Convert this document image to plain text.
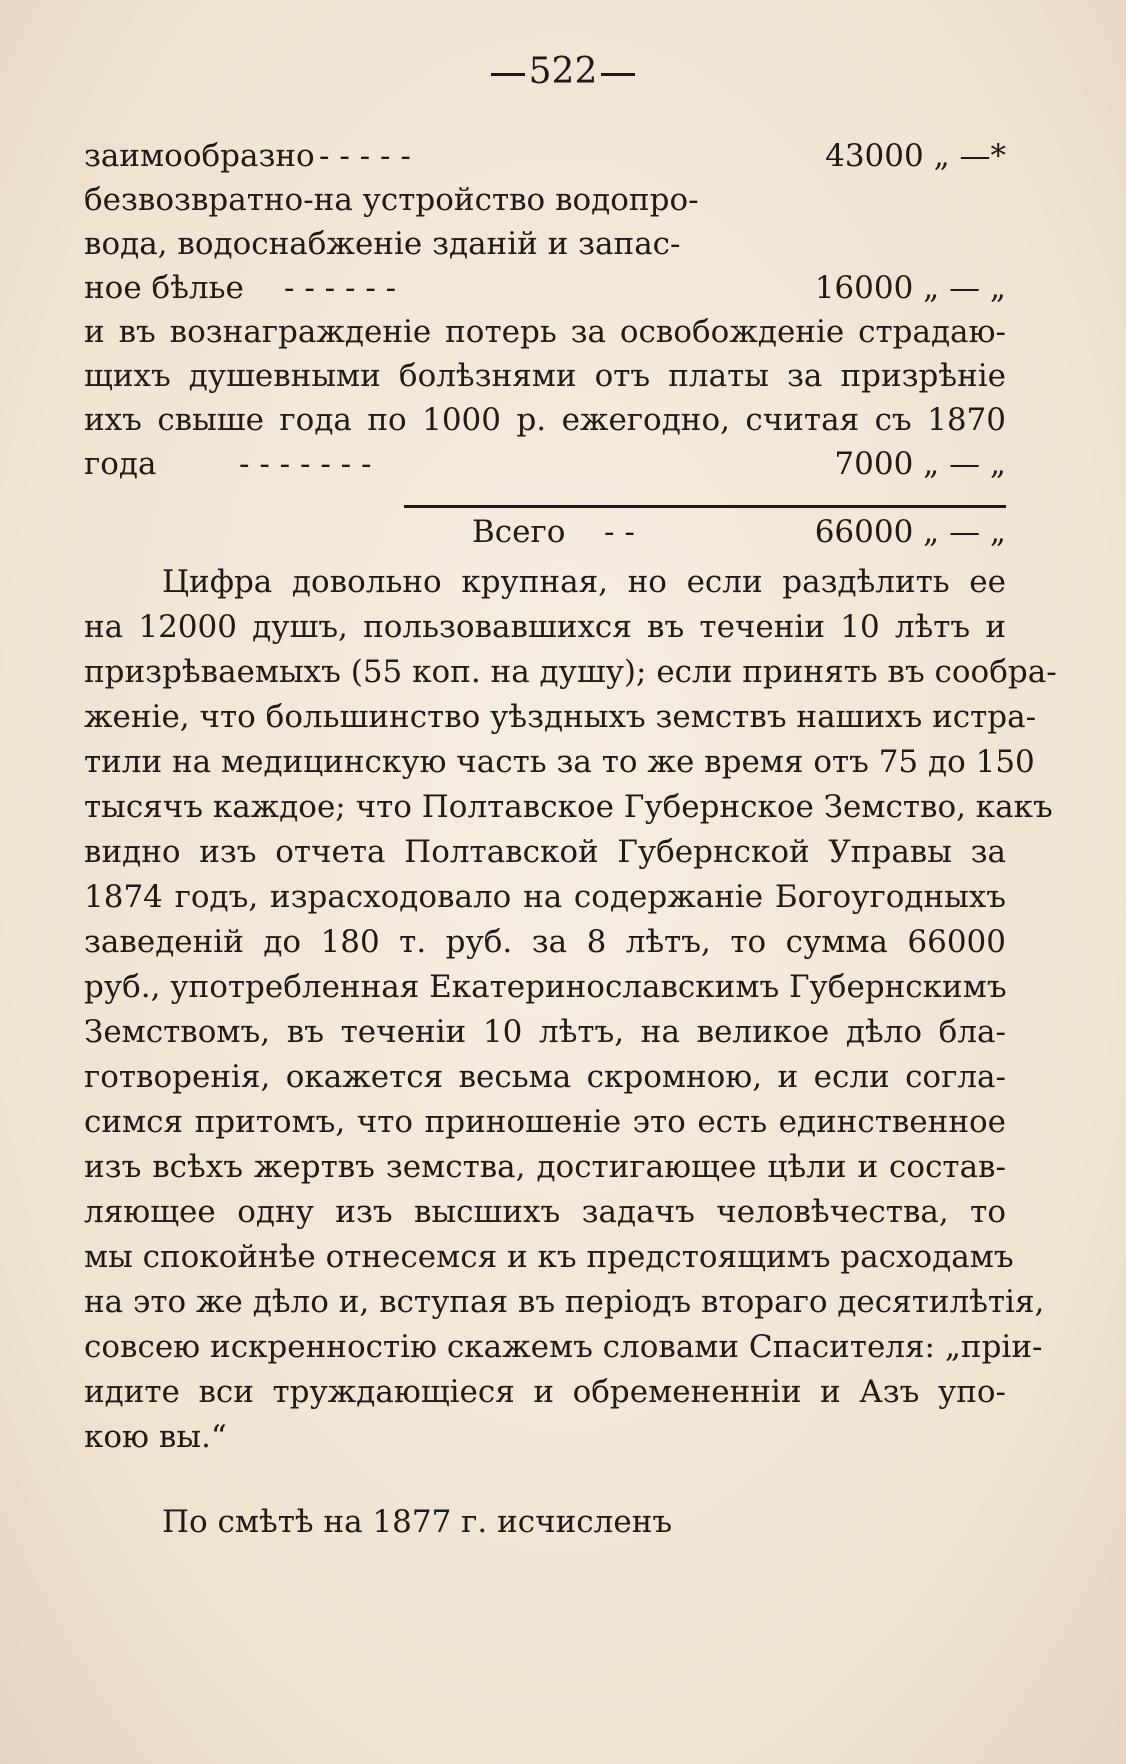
522
заимообразно - - - - -	43000 „ —*
безвозвратно-на устройство водопро-
вода, водоснабженіе зданій и запас-
ное бѣлье - - - - - -	16000 „ — „
и въ вознагражденіе потерь за освобожденіе страдаю-
щихъ душевными болѣзнями отъ платы за призрѣніе
ихъ свыше года по 1000 р. ежегодно, считая съ 1870
года	- - - - - - -	7000 „ — „
Всего - -	66000 „ — „
Цифра довольно крупная, но если раздѣлить ее
на 12000 душъ, пользовавшихся въ теченіи 10 лѣтъ и
призрѣваемыхъ (55 коп. на душу); если принять въ сообра-
женіе, что большинство уѣздныхъ земствъ нашихъ истра-
тили на медицинскую часть за то же время отъ 75 до 150
тысячъ каждое; что Полтавское Губернское Земство, какъ
видно изъ отчета Полтавской Губернской Управы за
1874 годъ, израсходовало на содержаніе Богоугодныхъ
заведеній до 180 т. руб. за 8 лѣтъ, то сумма 66000
руб., употребленная Екатеринославскимъ Губернскимъ
Земствомъ, въ теченіи 10 лѣтъ, на великое дѣло бла-
готворенія, окажется весьма скромною, и если согла-
симся притомъ, что приношеніе это есть единственное
изъ всѣхъ жертвъ земства, достигающее цѣли и состав-
ляющее одну изъ высшихъ задачъ человѣчества, то
мы спокойнѣе отнесемся и къ предстоящимъ расходамъ
на это же дѣло и, вступая въ періодъ втораго десятилѣтія,
совсею искренностію скажемъ словами Спасителя: „пріи-
идите вси труждающіеся и обремененніи и Азъ упо-
кою вы.“
По смѣтѣ на 1877 г. исчисленъ
